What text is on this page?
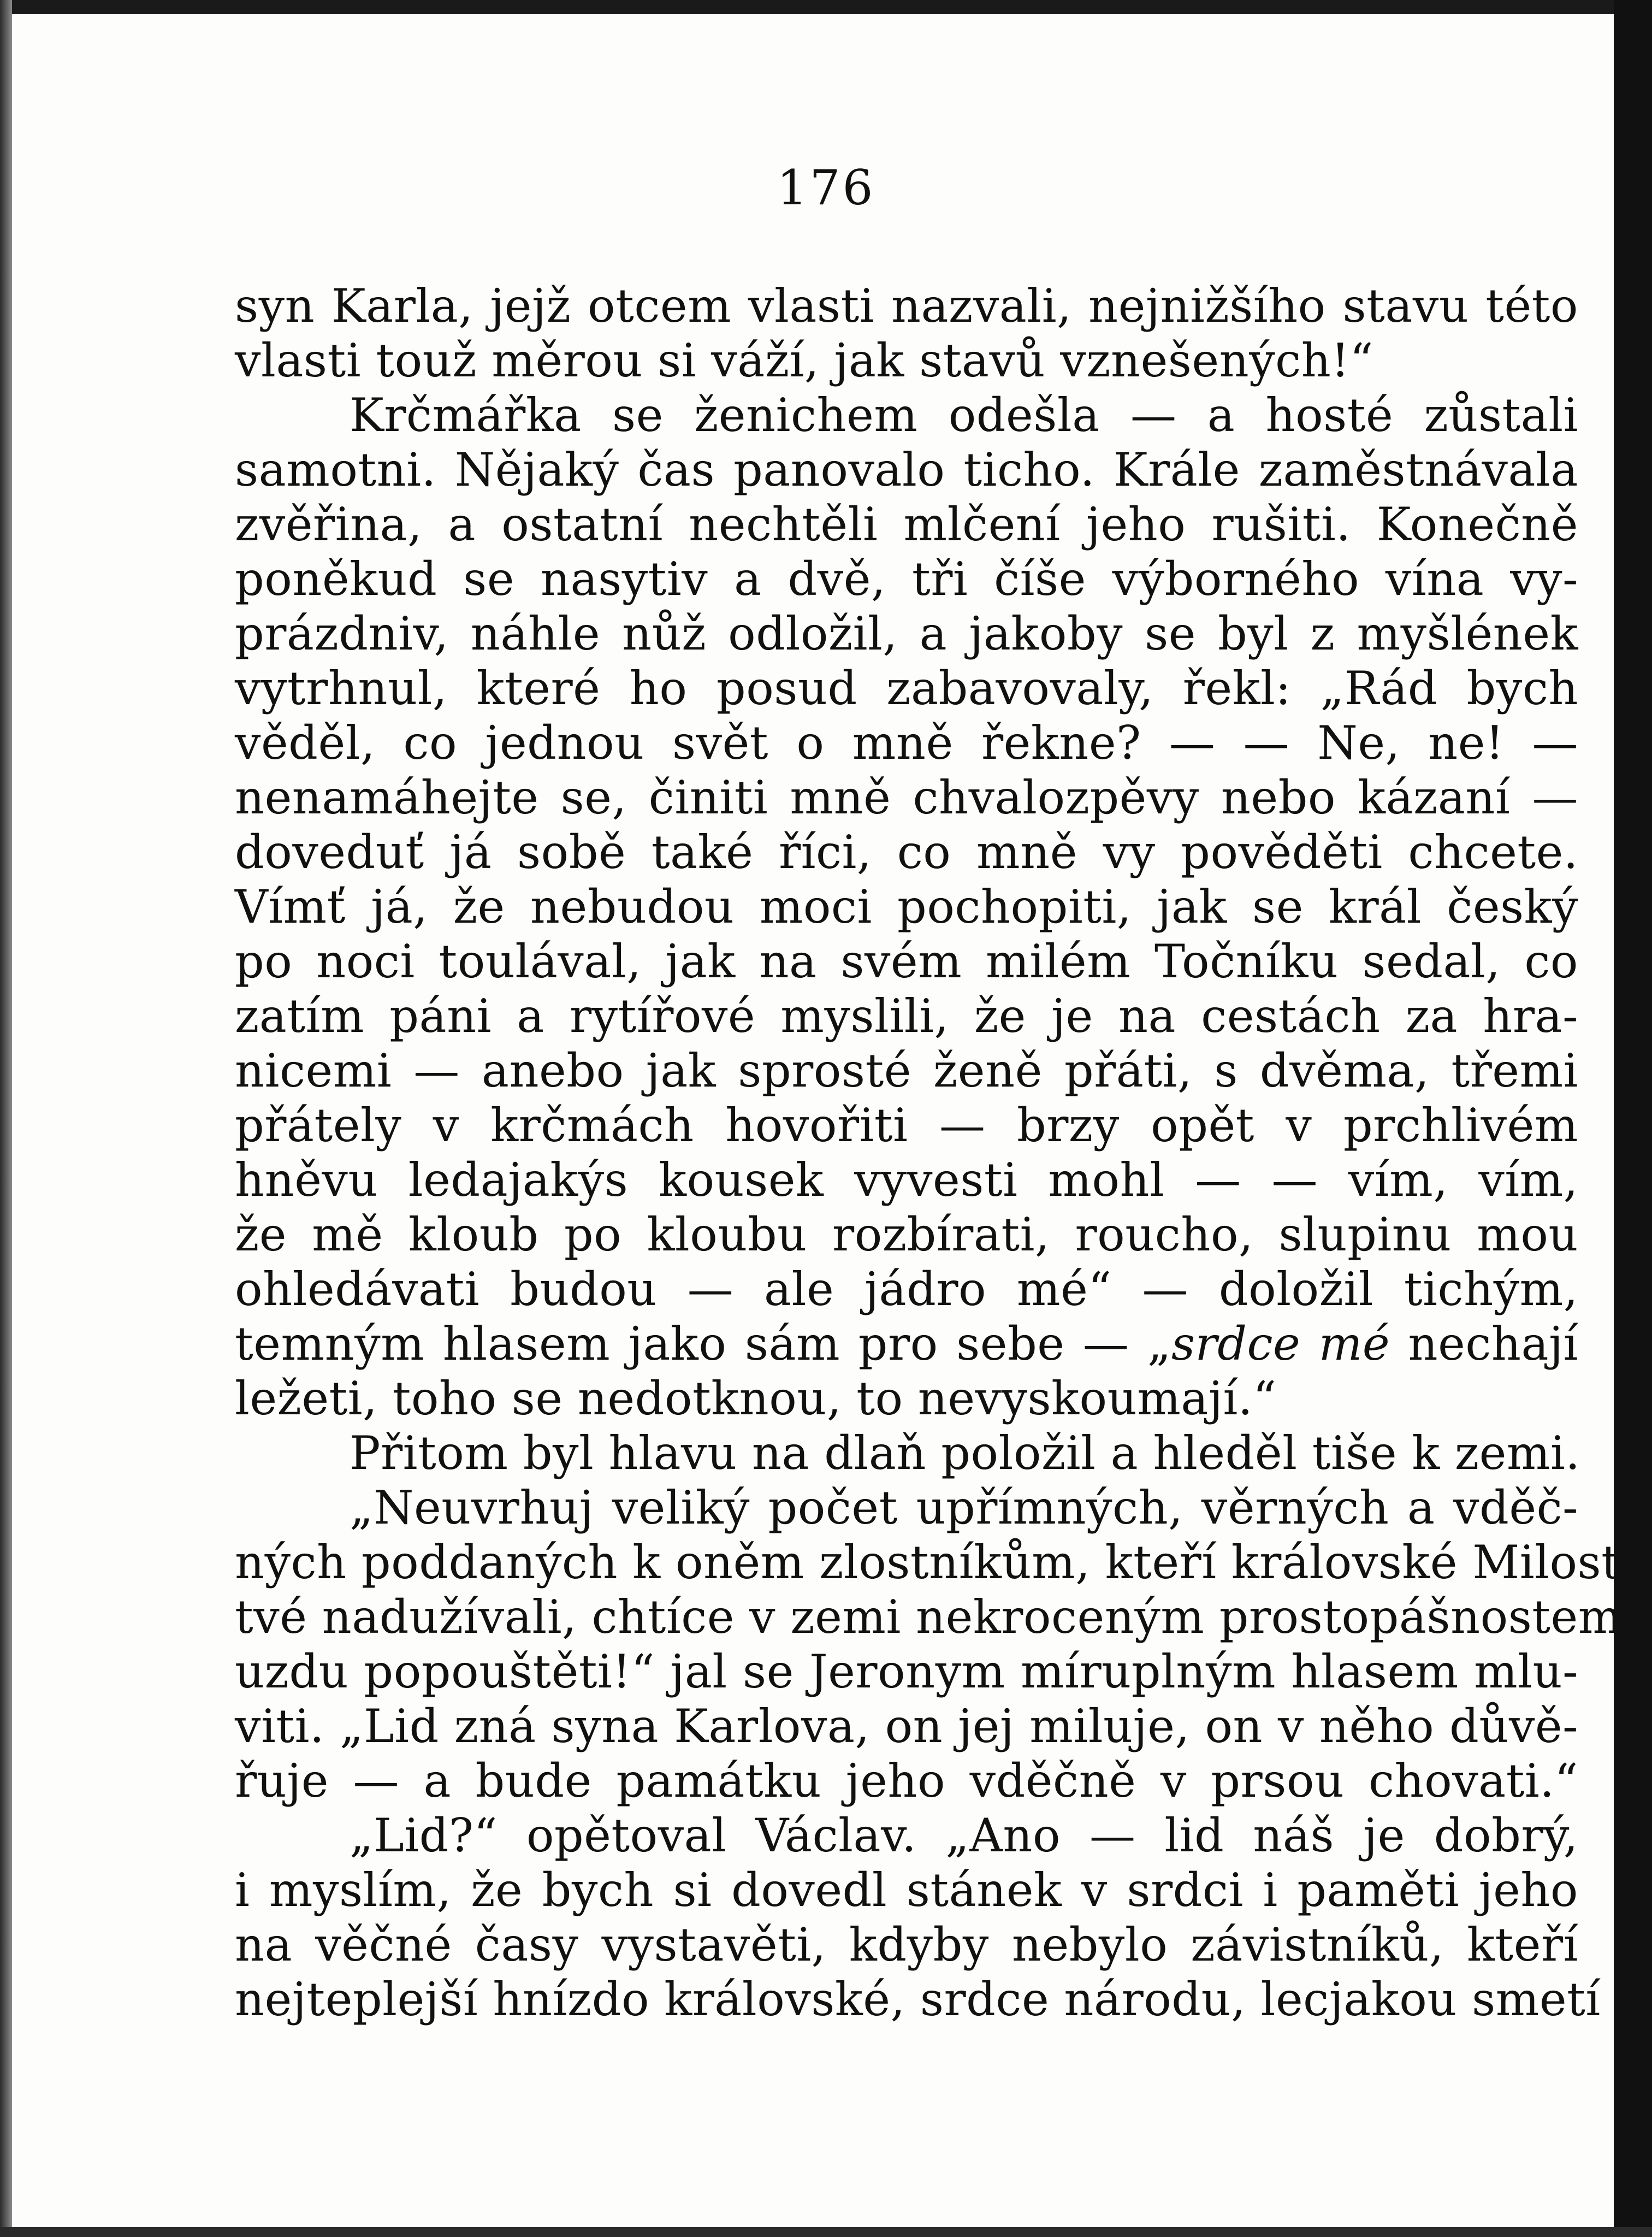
176
syn Karla, jejž otcem vlasti nazvali, nejnižšího stavu této
vlasti touž měrou si váží, jak stavů vznešených!“
Krčmářka se ženichem odešla — a hosté zůstali
samotni. Nějaký čas panovalo ticho. Krále zaměstnávala
zvěřina, a ostatní nechtěli mlčení jeho rušiti. Konečně
poněkud se nasytiv a dvě, tři číše výborného vína vy-
prázdniv, náhle nůž odložil, a jakoby se byl z myšlének
vytrhnul, které ho posud zabavovaly, řekl: „Rád bych
věděl, co jednou svět o mně řekne? — — Ne, ne! —
nenamáhejte se, činiti mně chvalozpěvy nebo kázaní —
doveduť já sobě také říci, co mně vy pověděti chcete.
Vímť já, že nebudou moci pochopiti, jak se král český
po noci toulával, jak na svém milém Točníku sedal, co
zatím páni a rytířové myslili, že je na cestách za hra-
nicemi — anebo jak sprosté ženě přáti, s dvěma, třemi
přátely v krčmách hovořiti — brzy opět v prchlivém
hněvu ledajakýs kousek vyvesti mohl — — vím, vím,
že mě kloub po kloubu rozbírati, roucho, slupinu mou
ohledávati budou — ale jádro mé“ — doložil tichým,
temným hlasem jako sám pro sebe — „srdce mé nechají
ležeti, toho se nedotknou, to nevyskoumají.“
Přitom byl hlavu na dlaň položil a hleděl tiše k zemi.
„Neuvrhuj veliký počet upřímných, věrných a vděč-
ných poddaných k oněm zlostníkům, kteří královské Milosti
tvé nadužívali, chtíce v zemi nekroceným prostopášnostem
uzdu popouštěti!“ jal se Jeronym míruplným hlasem mlu-
viti. „Lid zná syna Karlova, on jej miluje, on v něho důvě-
řuje — a bude památku jeho vděčně v prsou chovati.“
„Lid?“ opětoval Václav. „Ano — lid náš je dobrý,
i myslím, že bych si dovedl stánek v srdci i paměti jeho
na věčné časy vystavěti, kdyby nebylo závistníků, kteří
nejteplejší hnízdo královské, srdce národu, lecjakou smetí
